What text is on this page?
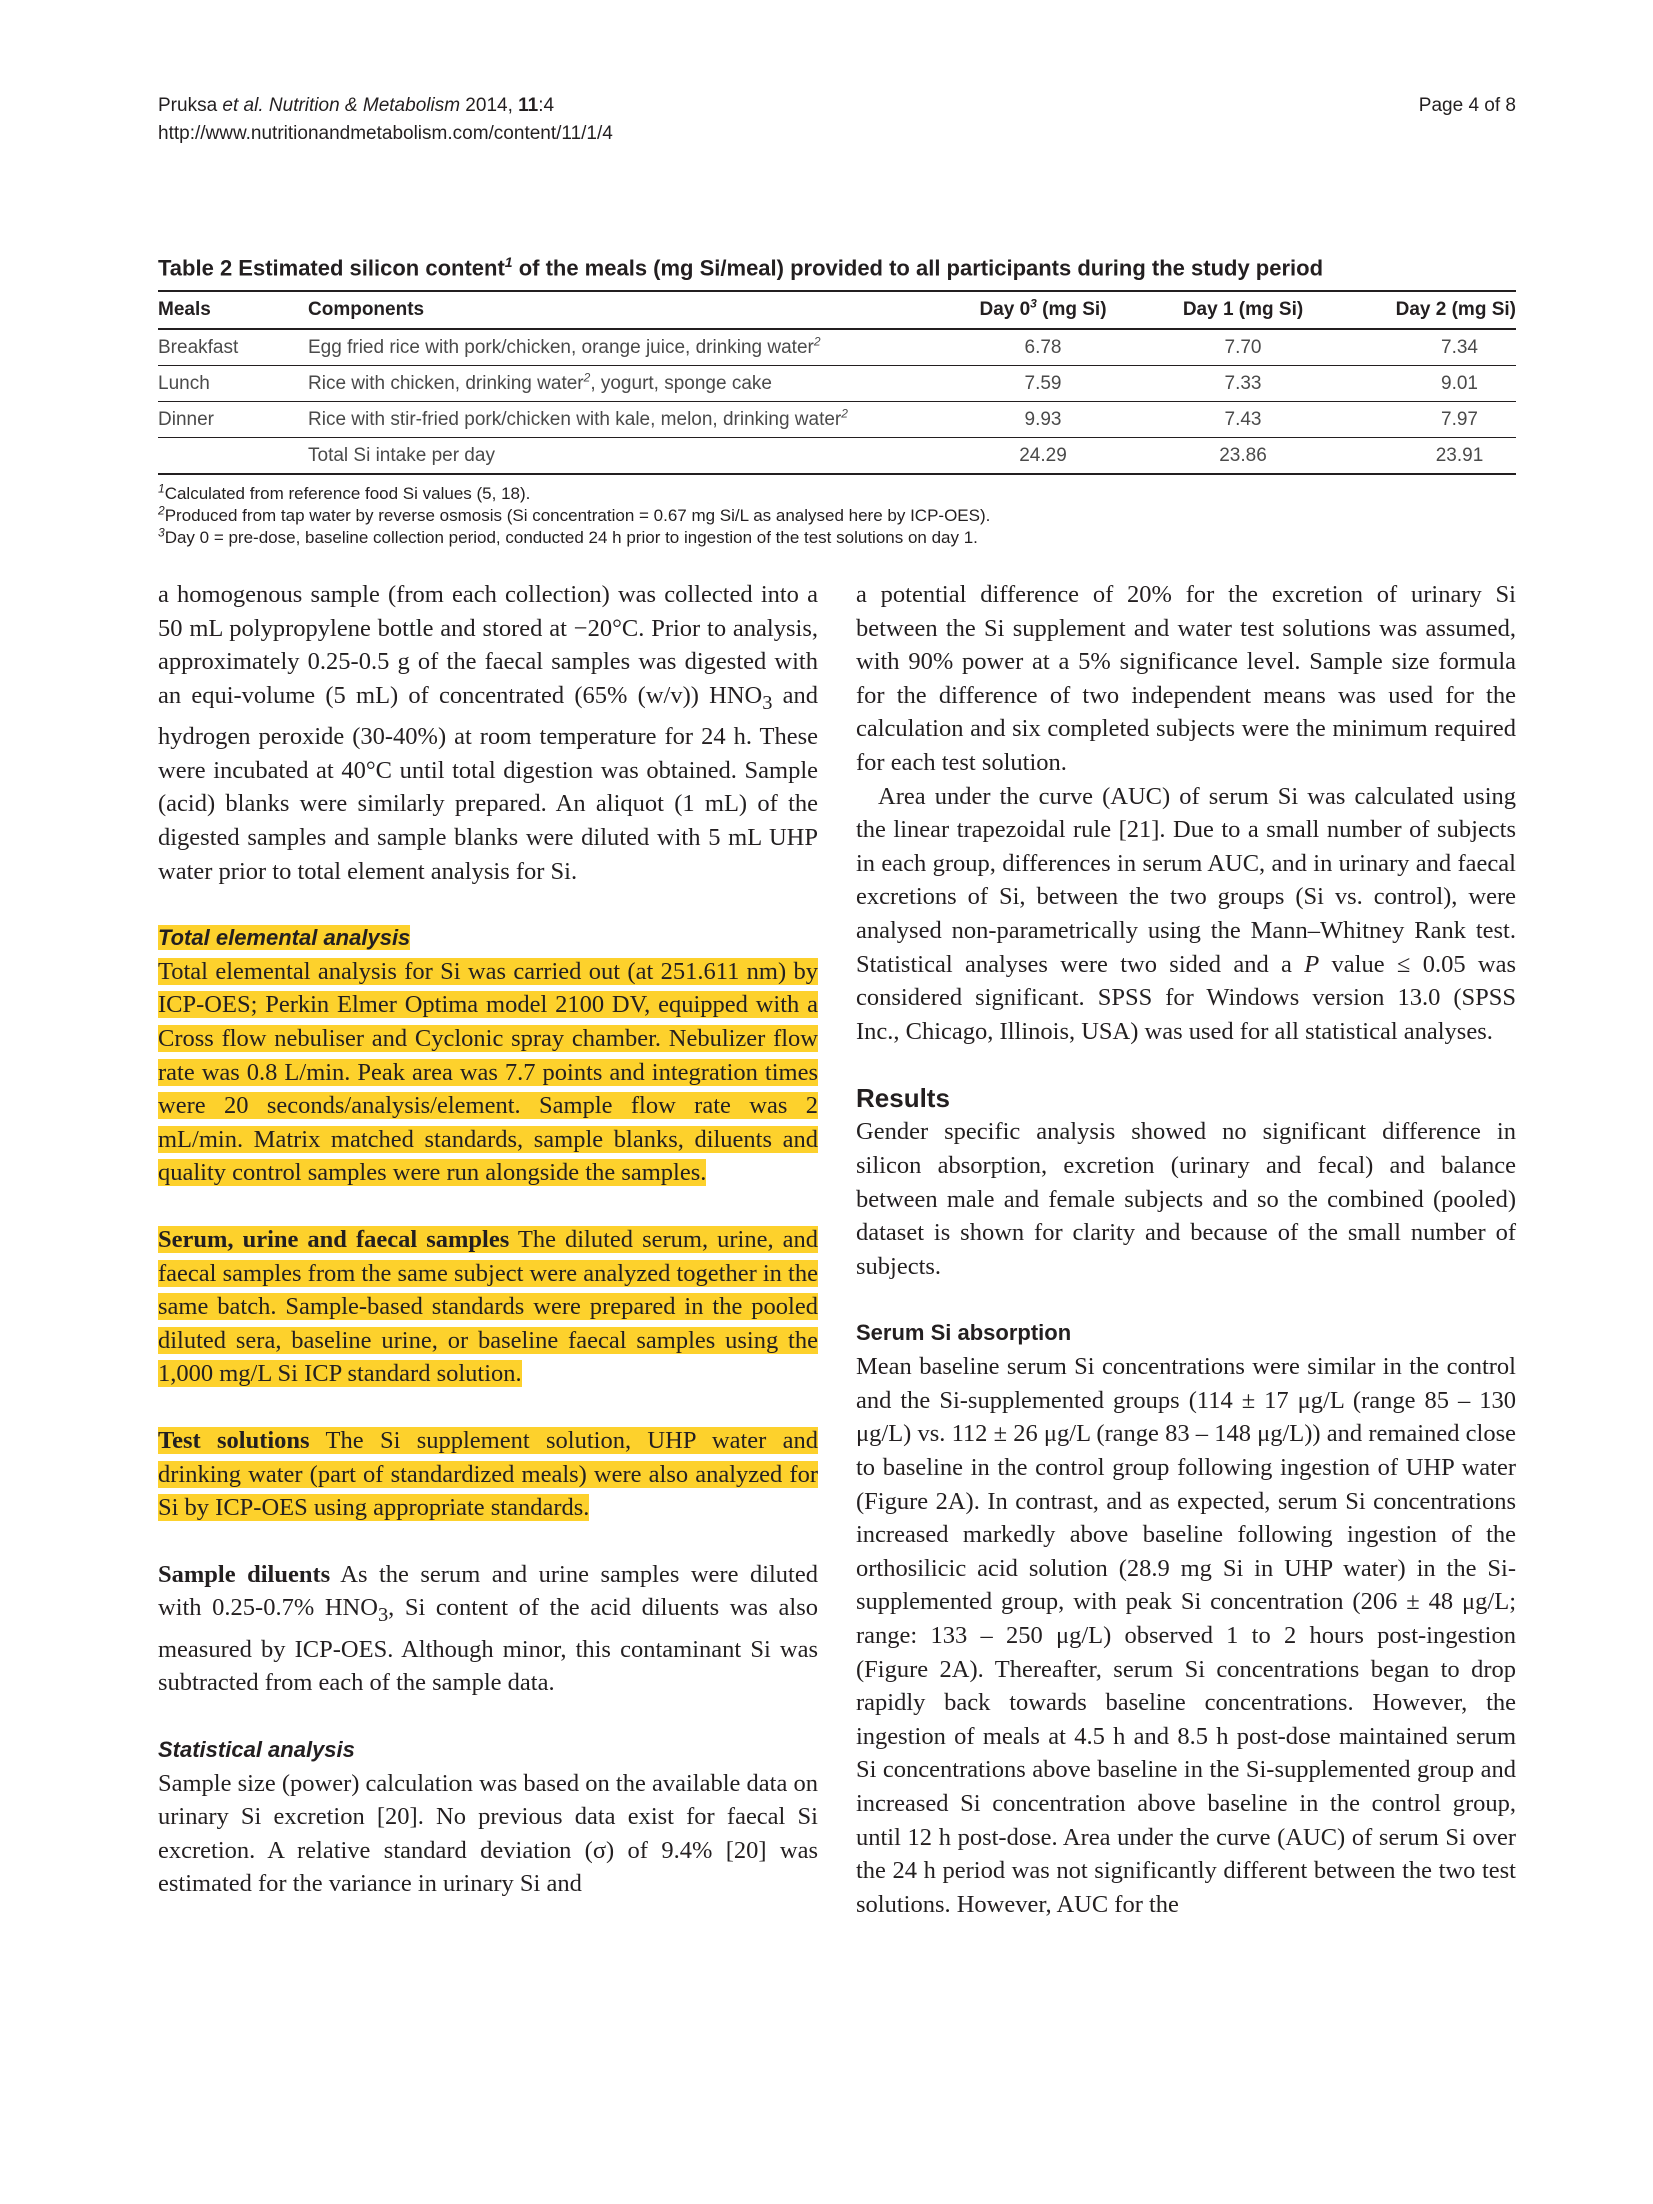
Pruksa et al. Nutrition & Metabolism 2014, 11:4
http://www.nutritionandmetabolism.com/content/11/1/4
Page 4 of 8
Table 2 Estimated silicon content$^1$ of the meals (mg Si/meal) provided to all participants during the study period
Meals	Components	Day 0$^3$ (mg Si)	Day 1 (mg Si)	Day 2 (mg Si)
Breakfast	Egg fried rice with pork/chicken, orange juice, drinking water$^2$	6.78	7.70	7.34
Lunch	Rice with chicken, drinking water$^2$, yogurt, sponge cake	7.59	7.33	9.01
Dinner	Rice with stir-fried pork/chicken with kale, melon, drinking water$^2$	9.93	7.43	7.97
	Total Si intake per day	24.29	23.86	23.91
$^1$Calculated from reference food Si values (5, 18).
$^2$Produced from tap water by reverse osmosis (Si concentration = 0.67 mg Si/L as analysed here by ICP-OES).
$^3$Day 0 = pre-dose, baseline collection period, conducted 24 h prior to ingestion of the test solutions on day 1.

a homogenous sample (from each collection) was collected into a 50 mL polypropylene bottle and stored at −20°C. Prior to analysis, approximately 0.25-0.5 g of the faecal samples was digested with an equi-volume (5 mL) of concentrated (65% (w/v)) $HNO_3$ and hydrogen peroxide (30-40%) at room temperature for 24 h. These were incubated at 40°C until total digestion was obtained. Sample (acid) blanks were similarly prepared. An aliquot (1 mL) of the digested samples and sample blanks were diluted with 5 mL UHP water prior to total element analysis for Si.

Total elemental analysis
Total elemental analysis for Si was carried out (at 251.611 nm) by ICP-OES; Perkin Elmer Optima model 2100 DV, equipped with a Cross flow nebuliser and Cyclonic spray chamber. Nebulizer flow rate was 0.8 L/min. Peak area was 7.7 points and integration times were 20 seconds/analysis/element. Sample flow rate was 2 mL/min. Matrix matched standards, sample blanks, diluents and quality control samples were run alongside the samples.

Serum, urine and faecal samples The diluted serum, urine, and faecal samples from the same subject were analyzed together in the same batch. Sample-based standards were prepared in the pooled diluted sera, baseline urine, or baseline faecal samples using the 1,000 mg/L Si ICP standard solution.

Test solutions The Si supplement solution, UHP water and drinking water (part of standardized meals) were also analyzed for Si by ICP-OES using appropriate standards.

Sample diluents As the serum and urine samples were diluted with 0.25-0.7% $HNO_3$, Si content of the acid diluents was also measured by ICP-OES. Although minor, this contaminant Si was subtracted from each of the sample data.

Statistical analysis
Sample size (power) calculation was based on the available data on urinary Si excretion [20]. No previous data exist for faecal Si excretion. A relative standard deviation (σ) of 9.4% [20] was estimated for the variance in urinary Si and

a potential difference of 20% for the excretion of urinary Si between the Si supplement and water test solutions was assumed, with 90% power at a 5% significance level. Sample size formula for the difference of two independent means was used for the calculation and six completed subjects were the minimum required for each test solution.

Area under the curve (AUC) of serum Si was calculated using the linear trapezoidal rule [21]. Due to a small number of subjects in each group, differences in serum AUC, and in urinary and faecal excretions of Si, between the two groups (Si vs. control), were analysed non-parametrically using the Mann–Whitney Rank test. Statistical analyses were two sided and a P value ≤ 0.05 was considered significant. SPSS for Windows version 13.0 (SPSS Inc., Chicago, Illinois, USA) was used for all statistical analyses.

Results

Gender specific analysis showed no significant difference in silicon absorption, excretion (urinary and fecal) and balance between male and female subjects and so the combined (pooled) dataset is shown for clarity and because of the small number of subjects.

Serum Si absorption

Mean baseline serum Si concentrations were similar in the control and the Si-supplemented groups (114 ± 17 μg/L (range 85 – 130 μg/L) vs. 112 ± 26 μg/L (range 83 – 148 μg/L)) and remained close to baseline in the control group following ingestion of UHP water (Figure 2A). In contrast, and as expected, serum Si concentrations increased markedly above baseline following ingestion of the orthosilicic acid solution (28.9 mg Si in UHP water) in the Si-supplemented group, with peak Si concentration (206 ± 48 μg/L; range: 133 – 250 μg/L) observed 1 to 2 hours post-ingestion (Figure 2A). Thereafter, serum Si concentrations began to drop rapidly back towards baseline concentrations. However, the ingestion of meals at 4.5 h and 8.5 h post-dose maintained serum Si concentrations above baseline in the Si-supplemented group and increased Si concentration above baseline in the control group, until 12 h post-dose. Area under the curve (AUC) of serum Si over the 24 h period was not significantly different between the two test solutions. However, AUC for the
